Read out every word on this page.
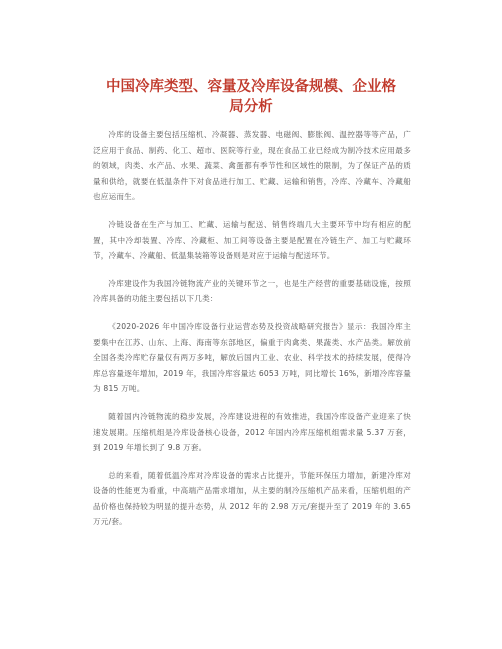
中国冷库类型、容量及冷库设备规模、企业格
局分析

冷库的设备主要包括压缩机、冷凝器、蒸发器、电磁阀、膨胀阀、温控器等等产品，广泛应用于食品、制药、化工、超市、医院等行业，现在食品工业已经成为制冷技术应用最多的领域，肉类、水产品、水果、蔬菜、禽蛋都有季节性和区域性的限制，为了保证产品的质量和供给，就要在低温条件下对食品进行加工、贮藏、运输和销售，冷库、冷藏车、冷藏船也应运而生。

冷链设备在生产与加工、贮藏、运输与配送、销售终端几大主要环节中均有相应的配置，其中冷却装置、冷库、冷藏柜、加工间等设备主要是配置在冷链生产、加工与贮藏环节，冷藏车、冷藏船、低温集装箱等设备则是对应于运输与配送环节。

冷库建设作为我国冷链物流产业的关键环节之一，也是生产经营的重要基础设施，按照冷库具备的功能主要包括以下几类：

《2020-2026 年中国冷库设备行业运营态势及投资战略研究报告》显示：我国冷库主要集中在江苏、山东、上海、海南等东部地区，偏重于肉禽类、果蔬类、水产品类。解放前全国各类冷库贮存量仅有两万多吨，解放后国内工业、农业、科学技术的持续发展，使得冷库总容量逐年增加，2019 年，我国冷库容量达 6053 万吨，同比增长 16%，新增冷库容量为 815 万吨。

随着国内冷链物流的稳步发展，冷库建设进程的有效推进，我国冷库设备产业迎来了快速发展期。压缩机组是冷库设备核心设备，2012 年国内冷库压缩机组需求量 5.37 万套，到 2019 年增长到了 9.8 万套。

总的来看，随着低温冷库对冷库设备的需求占比提升，节能环保压力增加，新建冷库对设备的性能更为看重，中高端产品需求增加，从主要的制冷压缩机产品来看，压缩机组的产品价格也保持较为明显的提升态势，从 2012 年的 2.98 万元/套提升至了 2019 年的 3.65 万元/套。
